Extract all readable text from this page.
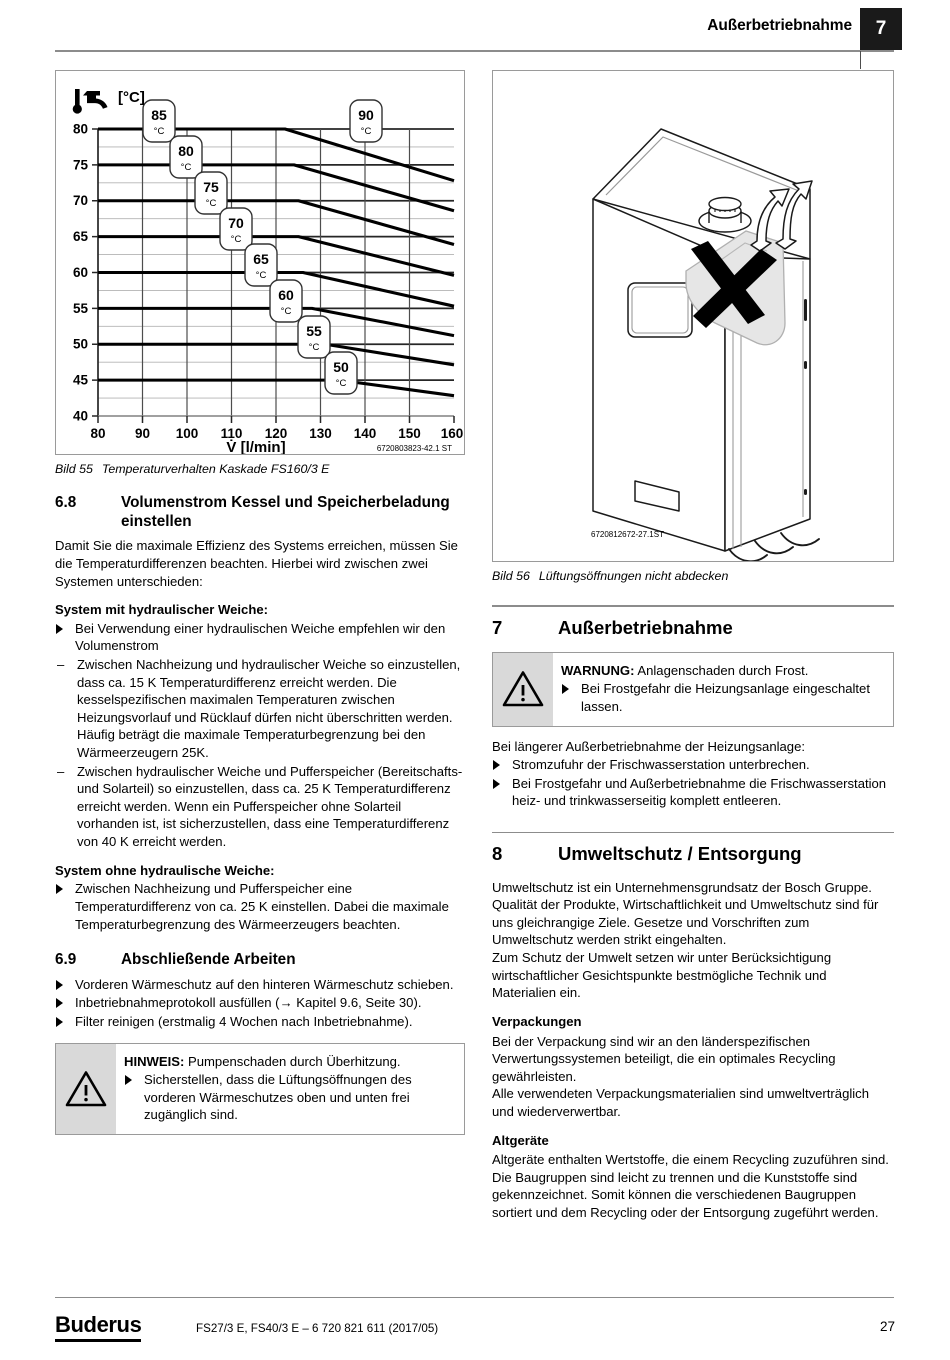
Außerbetriebnahme	7
85
°C
90
°C
80
°C
75
°C
70
°C
65
°C
60
°C
55
°C
50
°C
80
75
70
65
60
55
50
45
40
80 90 100 110 120 130 140 150 160
[°C]
V̇ [l/min]	6720803823-42.1 ST
Bild 55 Temperaturverhalten Kaskade FS160/3 E
6.8	Volumenstrom Kessel und Speicherbeladung einstellen

Damit Sie die maximale Effizienz des Systems erreichen, müssen Sie die Temperaturdifferenzen beachten. Hierbei wird zwischen zwei Systemen unterschieden:

System mit hydraulischer Weiche:
Bei Verwendung einer hydraulischen Weiche empfehlen wir den Volumenstrom
– Zwischen Nachheizung und hydraulischer Weiche so einzustellen, dass ca. 15 K Temperaturdifferenz erreicht werden. Die kesselspezifischen maximalen Temperaturen zwischen Heizungsvorlauf und Rücklauf dürfen nicht überschritten werden. Häufig beträgt die maximale Temperaturbegrenzung bei den Wärmeerzeugern 25K.
– Zwischen hydraulischer Weiche und Pufferspeicher (Bereitschafts- und Solarteil) so einzustellen, dass ca. 25 K Temperaturdifferenz erreicht werden. Wenn ein Pufferspeicher ohne Solarteil vorhanden ist, ist sicherzustellen, dass eine Temperaturdifferenz von 40 K erreicht werden.
System ohne hydraulische Weiche:
Zwischen Nachheizung und Pufferspeicher eine Temperaturdifferenz von ca. 25 K einstellen. Dabei die maximale Temperaturbegrenzung des Wärmeerzeugers beachten.
6.9	Abschließende Arbeiten
Vorderen Wärmeschutz auf den hinteren Wärmeschutz schieben.
Inbetriebnahmeprotokoll ausfüllen (→ Kapitel 9.6, Seite 30).
Filter reinigen (erstmalig 4 Wochen nach Inbetriebnahme).

HINWEIS: Pumpenschaden durch Überhitzung.

Sicherstellen, dass die Lüftungsöffnungen des vorderen Wärmeschutzes oben und unten frei zugänglich sind.
6720812672-27.1ST
Bild 56 Lüftungsöffnungen nicht abdecken
7	Außerbetriebnahme

WARNUNG: Anlagenschaden durch Frost.

Bei Frostgefahr die Heizungsanlage eingeschaltet lassen.

Bei längerer Außerbetriebnahme der Heizungsanlage:

Stromzufuhr der Frischwasserstation unterbrechen.
Bei Frostgefahr und Außerbetriebnahme die Frischwasserstation heiz- und trinkwasserseitig komplett entleeren.
8	Umweltschutz / Entsorgung

Umweltschutz ist ein Unternehmensgrundsatz der Bosch Gruppe. Qualität der Produkte, Wirtschaftlichkeit und Umweltschutz sind für uns gleichrangige Ziele. Gesetze und Vorschriften zum Umweltschutz werden strikt eingehalten.

Zum Schutz der Umwelt setzen wir unter Berücksichtigung wirtschaftlicher Gesichtspunkte bestmögliche Technik und Materialien ein.

Verpackungen

Bei der Verpackung sind wir an den länderspezifischen Verwertungssystemen beteiligt, die ein optimales Recycling gewährleisten.

Alle verwendeten Verpackungsmaterialien sind umweltverträglich und wiederverwertbar.

Altgeräte

Altgeräte enthalten Wertstoffe, die einem Recycling zuzuführen sind. Die Baugruppen sind leicht zu trennen und die Kunststoffe sind gekennzeichnet. Somit können die verschiedenen Baugruppen sortiert und dem Recycling oder der Entsorgung zugeführt werden.

Buderus	FS27/3 E, FS40/3 E – 6 720 821 611 (2017/05)	27
